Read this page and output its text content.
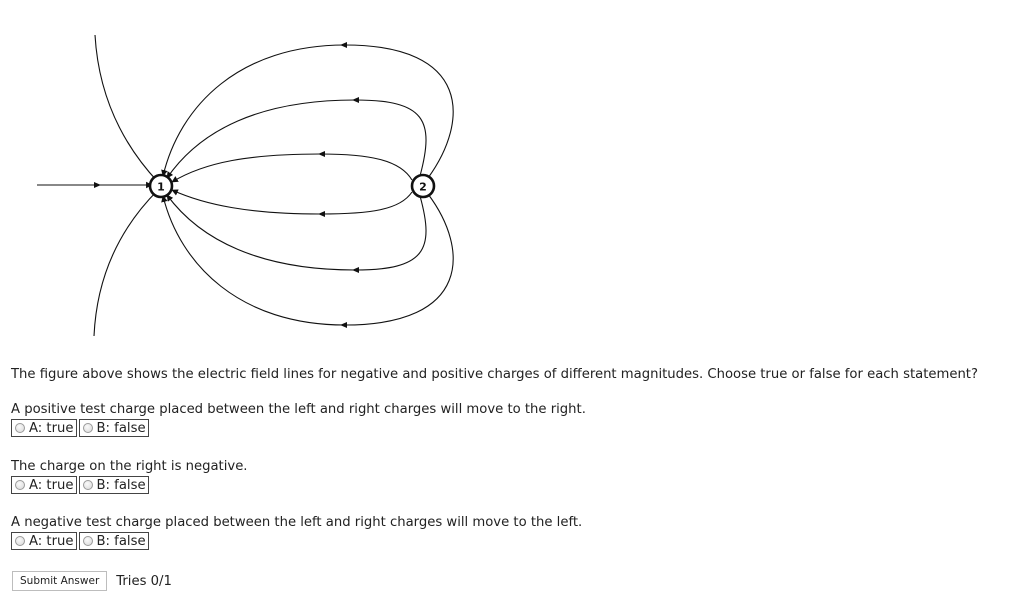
1	2
The figure above shows the electric field lines for negative and positive charges of different magnitudes. Choose true or false for each statement?
A positive test charge placed between the left and right charges will move to the right.
A: true B: false
The charge on the right is negative.
A: true B: false
A negative test charge placed between the left and right charges will move to the left.
A: true B: false
Submit Answer	Tries 0/1
